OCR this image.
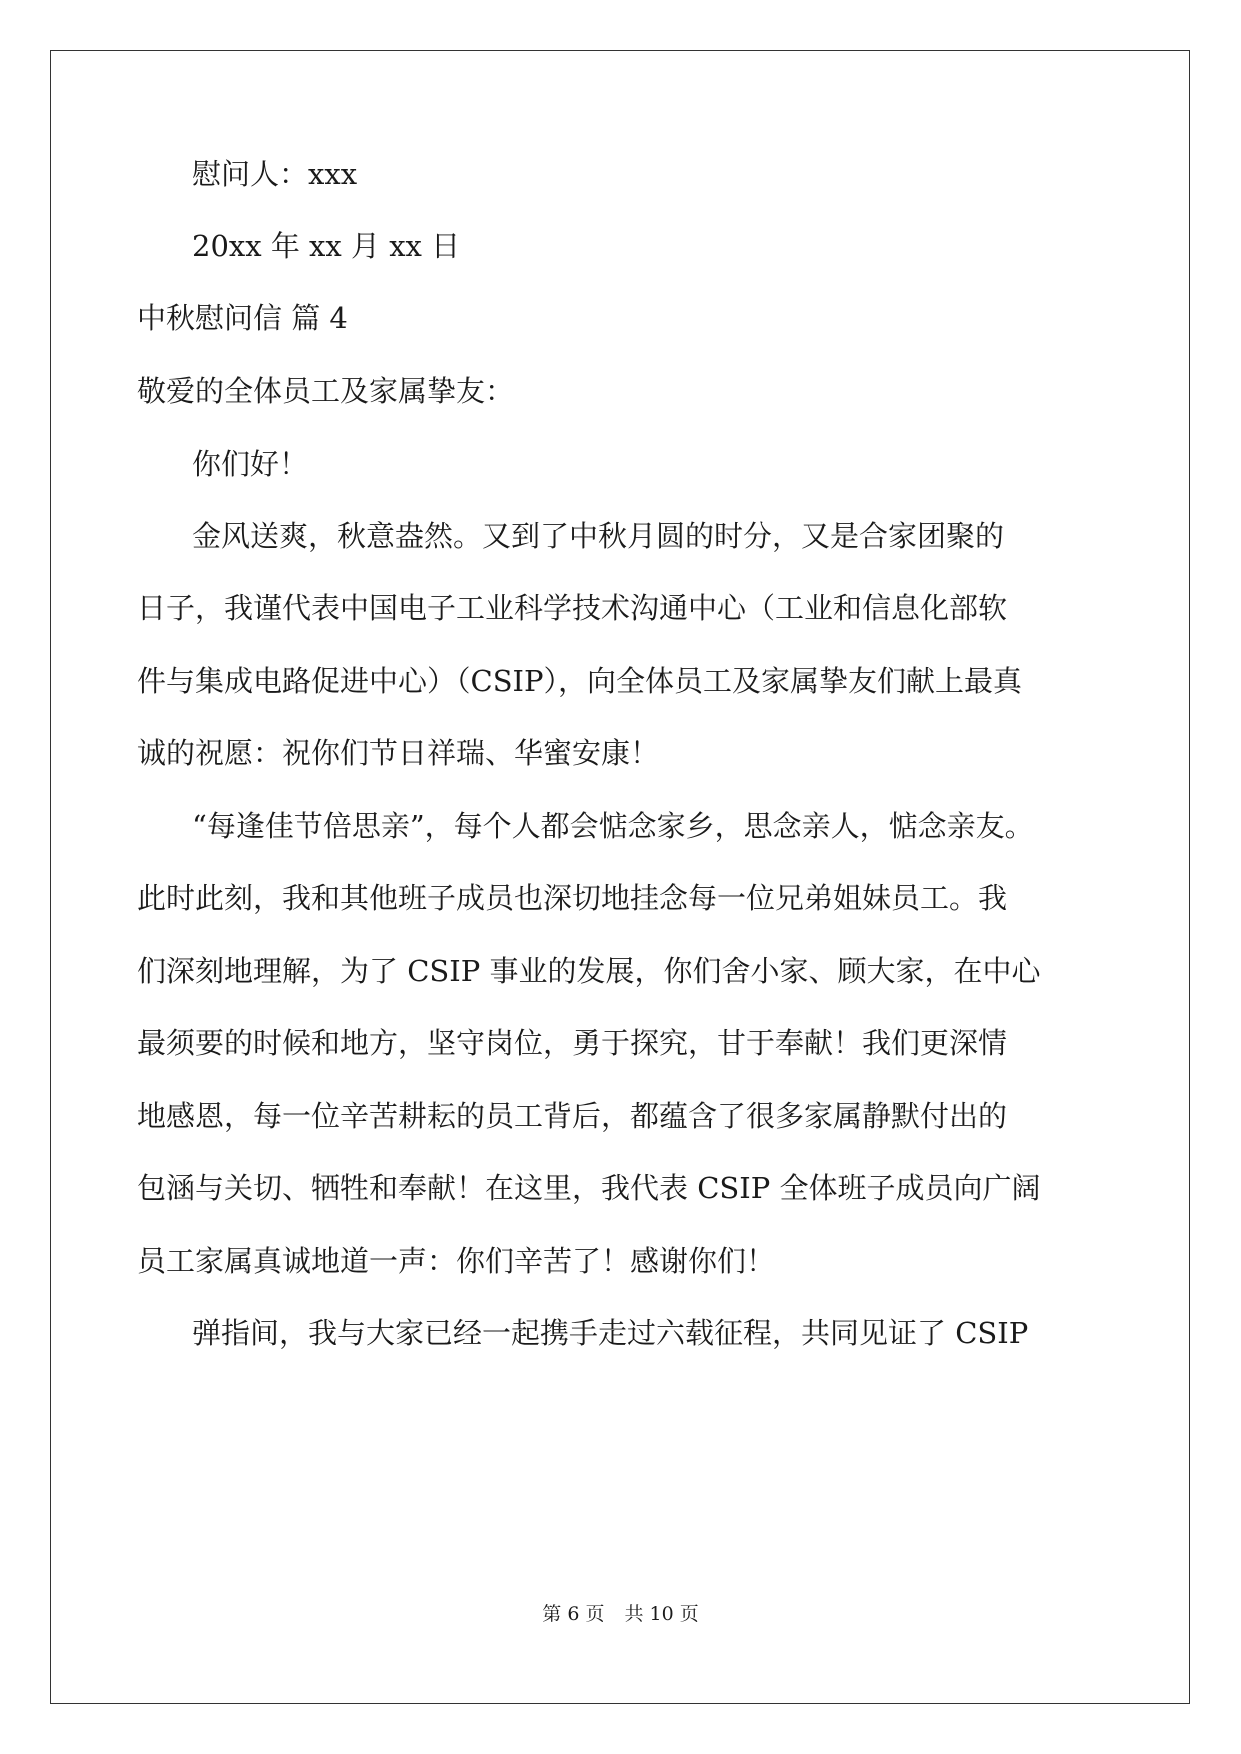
慰问人：xxx
20xx 年 xx 月 xx 日
中秋慰问信 篇 4
敬爱的全体员工及家属挚友：
你们好！
金风送爽，秋意盎然。又到了中秋月圆的时分，又是合家团聚的
日子，我谨代表中国电子工业科学技术沟通中心（工业和信息化部软
件与集成电路促进中心）（CSIP），向全体员工及家属挚友们献上最真
诚的祝愿：祝你们节日祥瑞、华蜜安康！
“每逢佳节倍思亲”，每个人都会惦念家乡，思念亲人，惦念亲友。
此时此刻，我和其他班子成员也深切地挂念每一位兄弟姐妹员工。我
们深刻地理解，为了 CSIP 事业的发展，你们舍小家、顾大家，在中心
最须要的时候和地方，坚守岗位，勇于探究，甘于奉献！我们更深情
地感恩，每一位辛苦耕耘的员工背后，都蕴含了很多家属静默付出的
包涵与关切、牺牲和奉献！在这里，我代表 CSIP 全体班子成员向广阔
员工家属真诚地道一声：你们辛苦了！感谢你们！
弹指间，我与大家已经一起携手走过六载征程，共同见证了 CSIP
第 6 页 共 10 页
